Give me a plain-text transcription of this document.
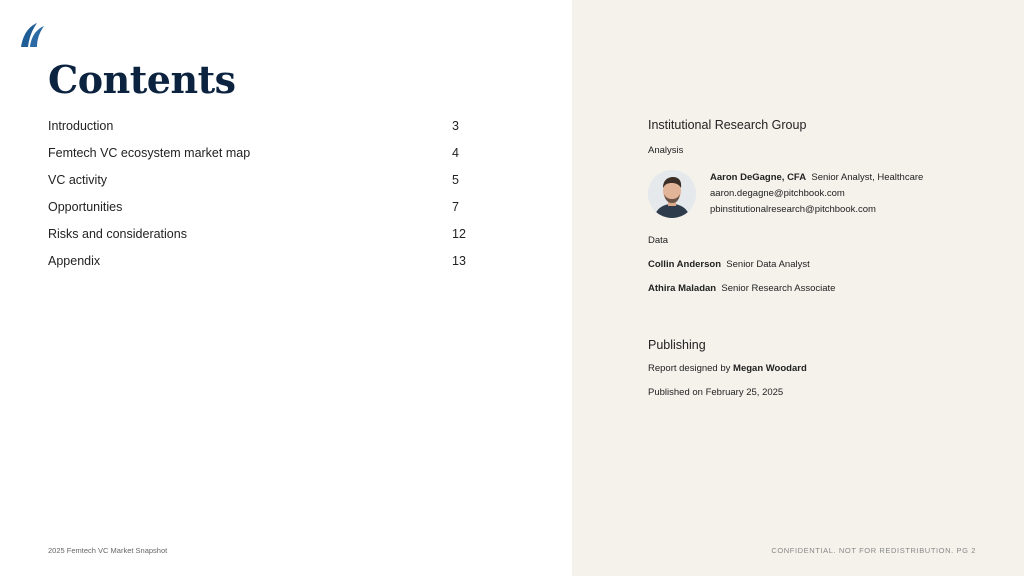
Contents
Introduction	3
Femtech VC ecosystem market map	4
VC activity	5
Opportunities	7
Risks and considerations	12
Appendix	13
Institutional Research Group
Analysis
Aaron DeGagne, CFA Senior Analyst, Healthcare
aaron.degagne@pitchbook.com
pbinstitutionalresearch@pitchbook.com
Data
Collin Anderson Senior Data Analyst
Athira Maladan Senior Research Associate
Publishing
Report designed by Megan Woodard
Published on February 25, 2025
2025 Femtech VC Market Snapshot	CONFIDENTIAL. NOT FOR REDISTRIBUTION. PG 2
